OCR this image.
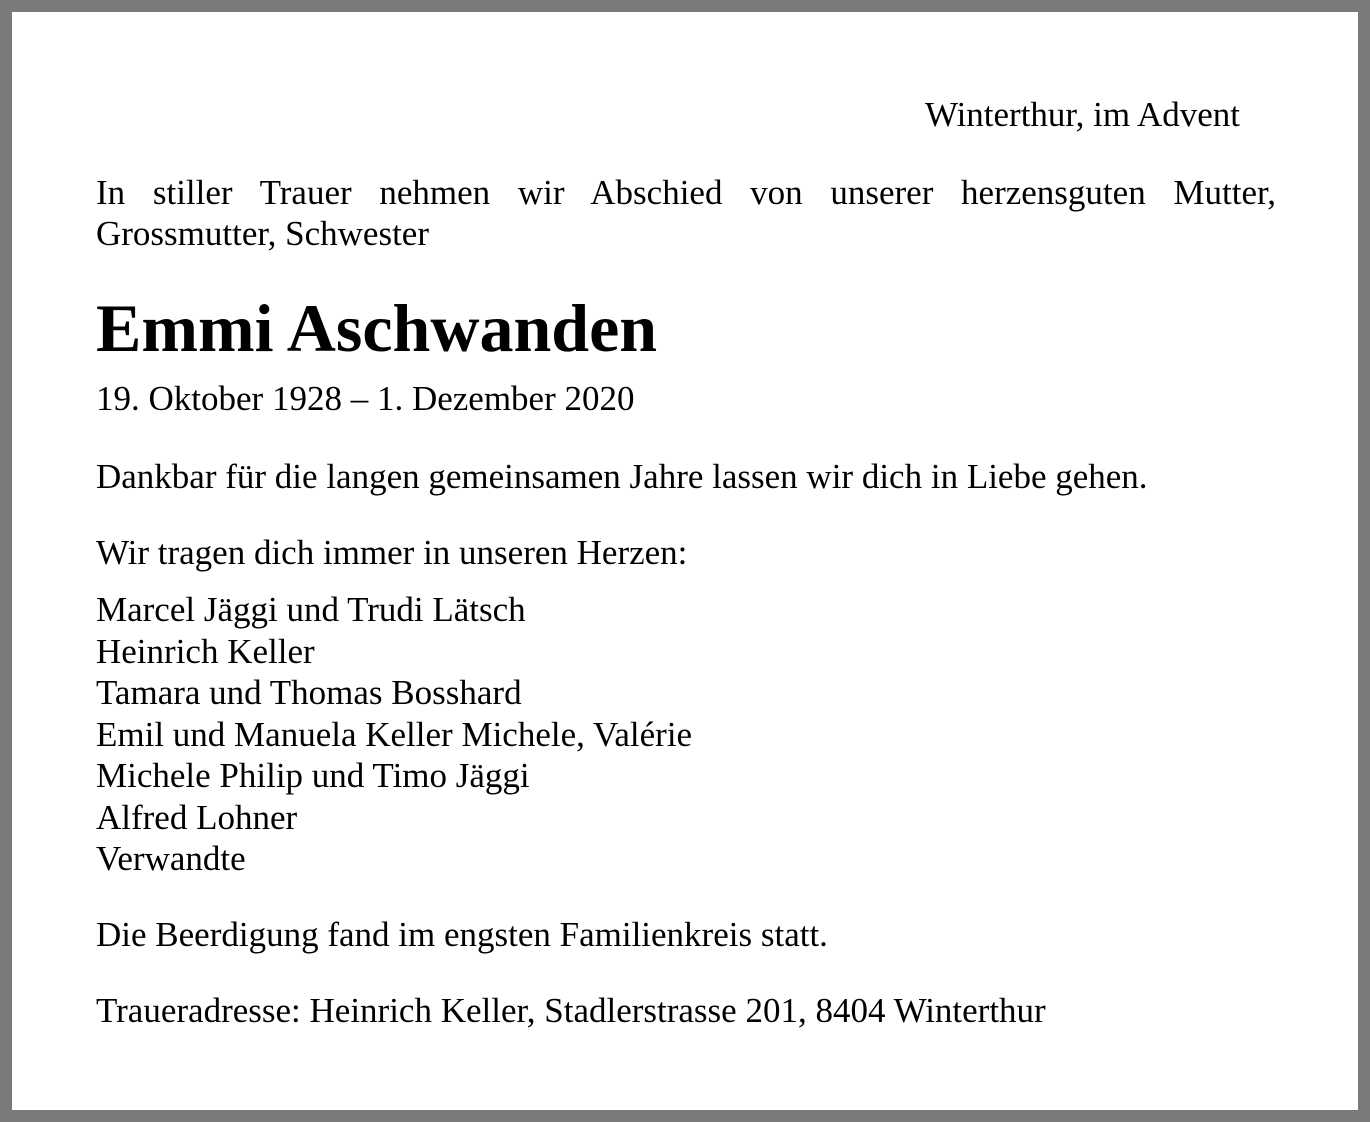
Winterthur, im Advent
In stiller Trauer nehmen wir Abschied von unserer herzensguten Mutter, Grossmutter, Schwester
Emmi Aschwanden
19. Oktober 1928 – 1. Dezember 2020
Dankbar für die langen gemeinsamen Jahre lassen wir dich in Liebe gehen.
Wir tragen dich immer in unseren Herzen:
Marcel Jäggi und Trudi Lätsch
Heinrich Keller
Tamara und Thomas Bosshard
Emil und Manuela Keller Michele, Valérie
Michele Philip und Timo Jäggi
Alfred Lohner
Verwandte
Die Beerdigung fand im engsten Familienkreis statt.
Traueradresse: Heinrich Keller, Stadlerstrasse 201, 8404 Winterthur
